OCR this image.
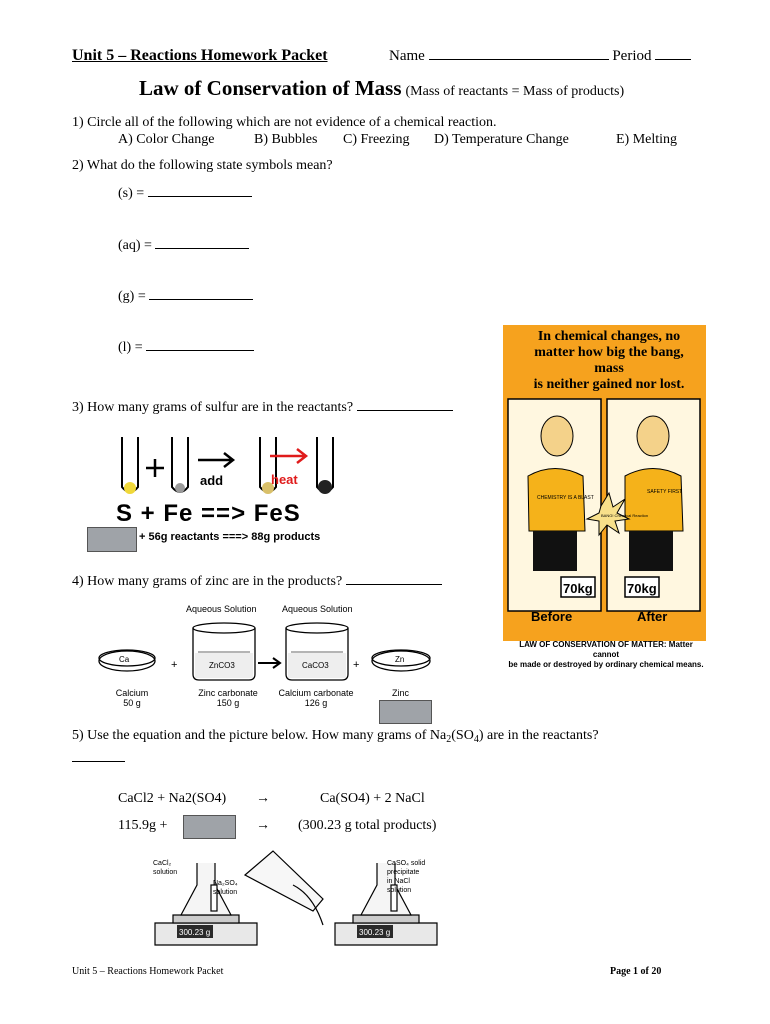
Unit 5 – Reactions Homework Packet	Name	Period
Law of Conservation of Mass (Mass of reactants = Mass of products)
1) Circle all of the following which are not evidence of a chemical reaction.
A) Color Change	B) Bubbles C) Freezing D) Temperature Change	E) Melting
2) What do the following state symbols mean?
(s) =
(aq) =
(g) =
(l) =
3) How many grams of sulfur are in the reactants?
add	heat
S + Fe ==> FeS
+ 56g reactants ===> 88g products
4) How many grams of zinc are in the products?
Aqueous Solution	Aqueous Solution
Ca	+	ZnCO3	CaCO3 +	Zn
Calcium
50 g
Zinc carbonate
150 g
Calcium carbonate
126 g
Zinc
In chemical changes, no
matter how big the bang, mass
is neither gained nor lost.
70kg	70kg
Before	After
CHEMISTRY IS A BLAST
SAFETY FIRST
BANG! Chemical Reaction
LAW OF CONSERVATION OF MATTER: Matter cannot
be made or destroyed by ordinary chemical means.
5) Use the equation and the picture below. How many grams of $Na_2(SO_4)$ are in the reactants?
CaCl2 + Na2(SO4) →	Ca(SO4) + 2 NaCl
115.9g +	→ (300.23 g total products)
300.23 g	300.23 g
CaCl₂
solution
Na₂SO₄
solution
CaSO₄ solid
precipitate
in NaCl
solution
Unit 5 – Reactions Homework Packet	Page 1 of 20
